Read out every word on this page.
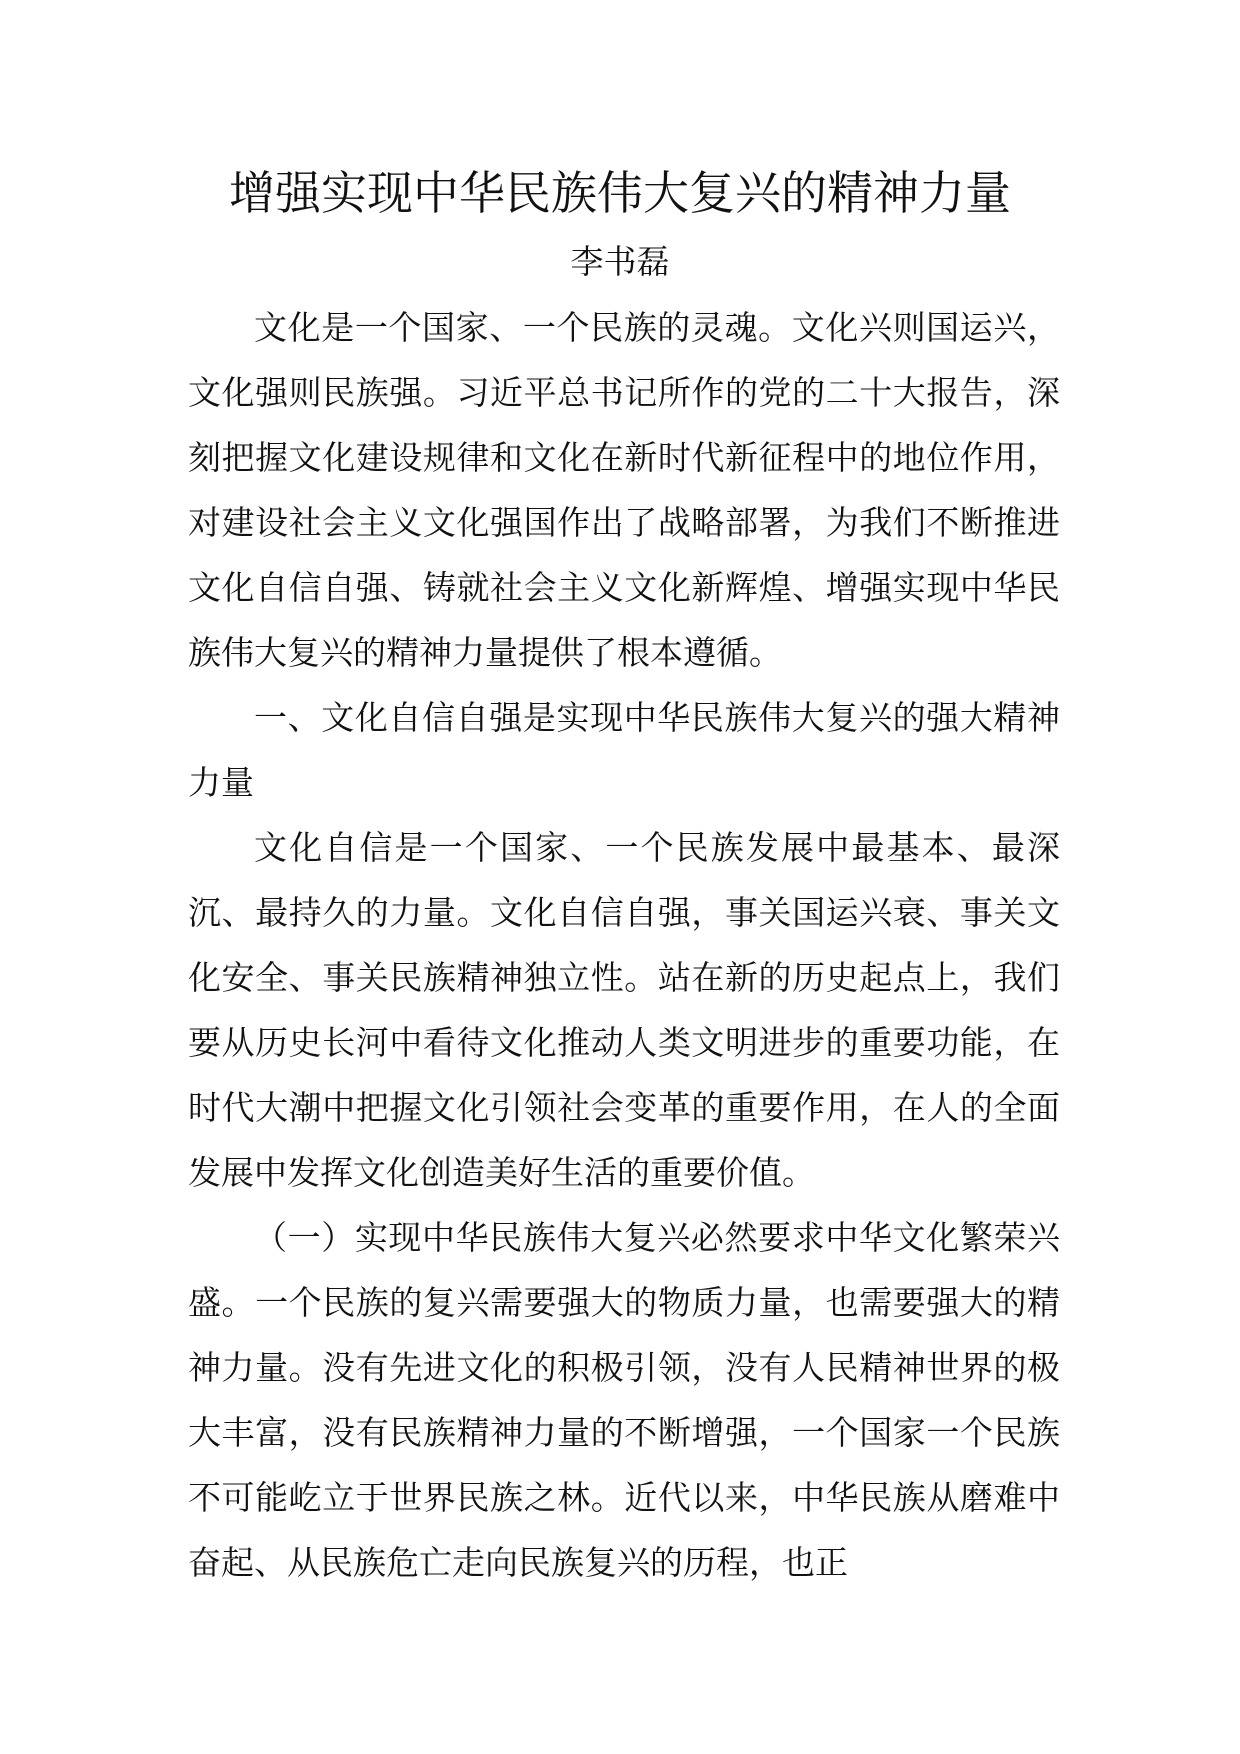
增强实现中华民族伟大复兴的精神力量
李书磊

文化是一个国家、一个民族的灵魂。文化兴则国运兴，文化强则民族强。习近平总书记所作的党的二十大报告，深刻把握文化建设规律和文化在新时代新征程中的地位作用，对建设社会主义文化强国作出了战略部署，为我们不断推进文化自信自强、铸就社会主义文化新辉煌、增强实现中华民族伟大复兴的精神力量提供了根本遵循。

一、文化自信自强是实现中华民族伟大复兴的强大精神力量

文化自信是一个国家、一个民族发展中最基本、最深沉、最持久的力量。文化自信自强，事关国运兴衰、事关文化安全、事关民族精神独立性。站在新的历史起点上，我们要从历史长河中看待文化推动人类文明进步的重要功能，在时代大潮中把握文化引领社会变革的重要作用，在人的全面发展中发挥文化创造美好生活的重要价值。

（一）实现中华民族伟大复兴必然要求中华文化繁荣兴盛。一个民族的复兴需要强大的物质力量，也需要强大的精神力量。没有先进文化的积极引领，没有人民精神世界的极大丰富，没有民族精神力量的不断增强，一个国家一个民族不可能屹立于世界民族之林。近代以来，中华民族从磨难中奋起、从民族危亡走向民族复兴的历程，也正
